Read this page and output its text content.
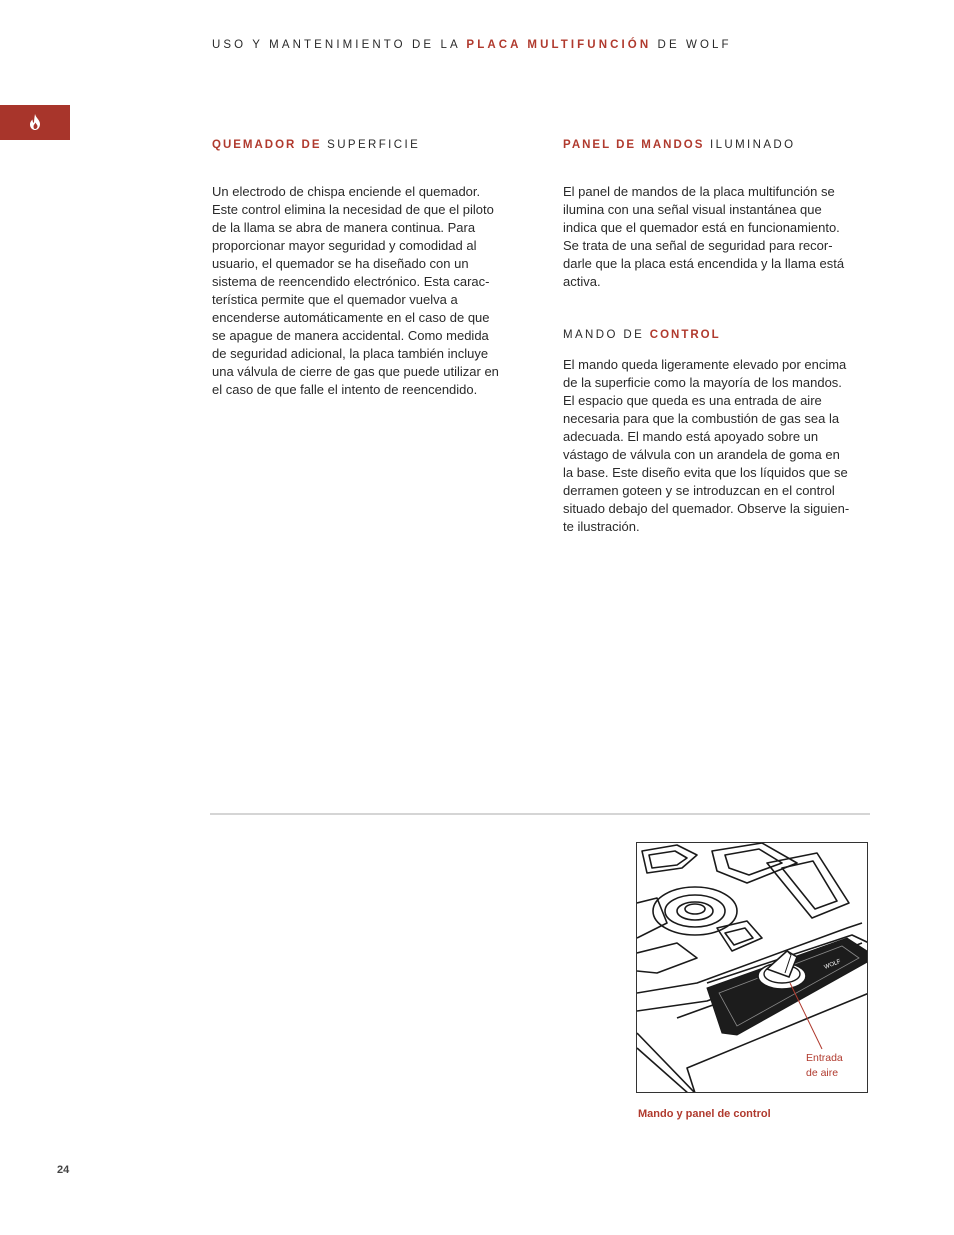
USO Y MANTENIMIENTO DE LA PLACA MULTIFUNCIÓN DE WOLF
QUEMADOR DE SUPERFICIE

Un electrodo de chispa enciende el quemador.
Este control elimina la necesidad de que el piloto
de la llama se abra de manera continua. Para
proporcionar mayor seguridad y comodidad al
usuario, el quemador se ha diseñado con un
sistema de reencendido electrónico. Esta carac-
terística permite que el quemador vuelva a
encenderse automáticamente en el caso de que
se apague de manera accidental. Como medida
de seguridad adicional, la placa también incluye
una válvula de cierre de gas que puede utilizar en
el caso de que falle el intento de reencendido.

PANEL DE MANDOS ILUMINADO

El panel de mandos de la placa multifunción se
ilumina con una señal visual instantánea que
indica que el quemador está en funcionamiento.
Se trata de una señal de seguridad para recor-
darle que la placa está encendida y la llama está
activa.

MANDO DE CONTROL

El mando queda ligeramente elevado por encima
de la superficie como la mayoría de los mandos.
El espacio que queda es una entrada de aire
necesaria para que la combustión de gas sea la
adecuada. El mando está apoyado sobre un
vástago de válvula con un arandela de goma en
la base. Este diseño evita que los líquidos que se
derramen goteen y se introduzcan en el control
situado debajo del quemador. Observe la siguien-
te ilustración.

WOLF
Entrada
de aire
Mando y panel de control
24
